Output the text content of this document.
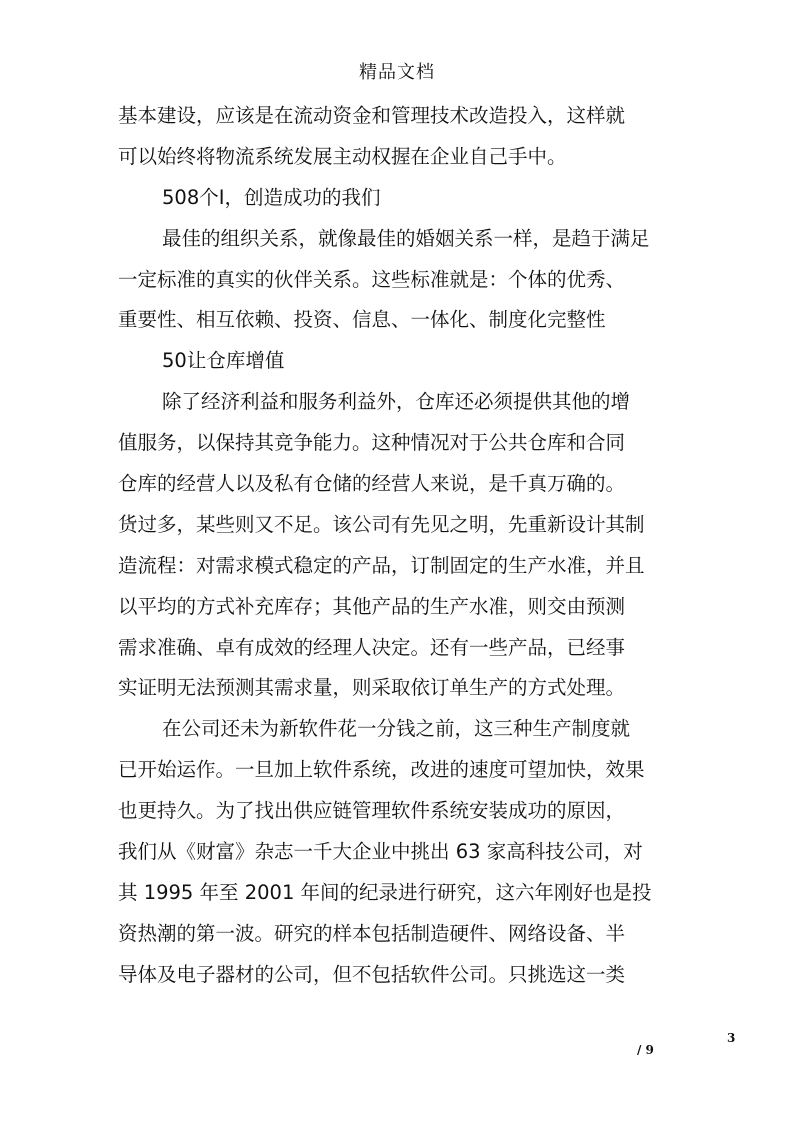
精品文档
基本建设，应该是在流动资金和管理技术改造投入，这样就
可以始终将物流系统发展主动权握在企业自己手中。
508个I，创造成功的我们
最佳的组织关系，就像最佳的婚姻关系一样，是趋于满足
一定标准的真实的伙伴关系。这些标准就是：个体的优秀、
重要性、相互依赖、投资、信息、一体化、制度化完整性
50让仓库增值
除了经济利益和服务利益外，仓库还必须提供其他的增
值服务，以保持其竞争能力。这种情况对于公共仓库和合同
仓库的经营人以及私有仓储的经营人来说，是千真万确的。
货过多，某些则又不足。该公司有先见之明，先重新设计其制
造流程：对需求模式稳定的产品，订制固定的生产水准，并且
以平均的方式补充库存；其他产品的生产水准，则交由预测
需求准确、卓有成效的经理人决定。还有一些产品，已经事
实证明无法预测其需求量，则采取依订单生产的方式处理。
在公司还未为新软件花一分钱之前，这三种生产制度就
已开始运作。一旦加上软件系统，改进的速度可望加快，效果
也更持久。为了找出供应链管理软件系统安装成功的原因，
我们从《财富》杂志一千大企业中挑出 63 家高科技公司，对
其 1995 年至 2001 年间的纪录进行研究，这六年刚好也是投
资热潮的第一波。研究的样本包括制造硬件、网络设备、半
导体及电子器材的公司，但不包括软件公司。只挑选这一类
3
/ 9
